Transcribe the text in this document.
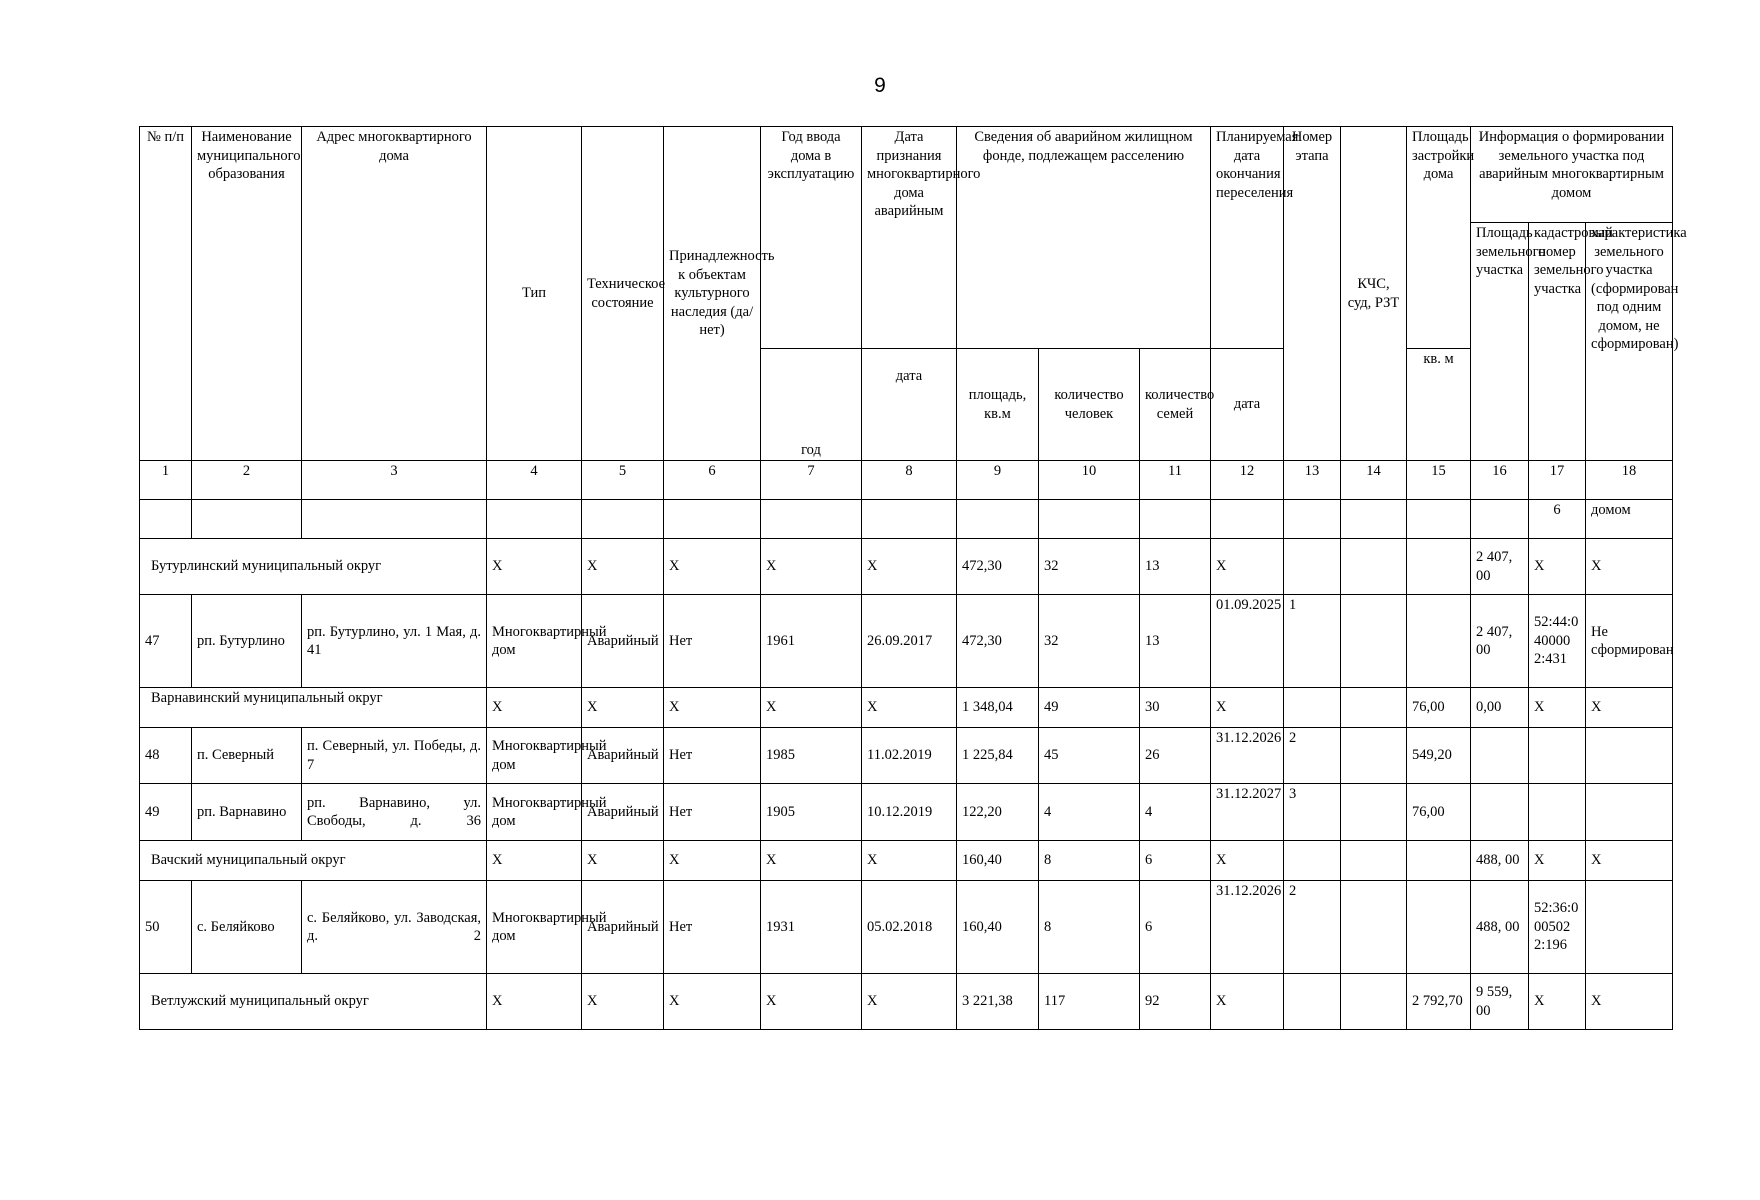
9
№ п/п	Наименование муниципального образования	Адрес многоквартирного дома	Тип	Техническое состояние	Принадлежность к объектам культурного наследия (да/нет)	Год ввода дома в эксплуатацию	Дата признания многоквартирного дома аварийным	Сведения об аварийном жилищном фонде, подлежащем расселению			Планируемая дата окончания переселения	Номер этапа	КЧС, суд, РЗТ	Площадь застройки дома	Информация о формировании земельного участка под аварийным многоквартирным домом			
															Площадь земельного участка	кадастровый номер земельного участка	характеристика земельного участка (сформирован под одним домом, не сформирован)	
						год	дата	площадь, кв.м	количество человек	количество семей	дата			кв. м	
1	2	3	4	5	6	7	8	9	10	11	12	13	14	15	16	17	18	
																6	домом	
Бутурлинский муниципальный округ			X	X	X	X	X	472,30	32	13	X				2 407, 00	X	X	
47	рп. Бутурлино	рп. Бутурлино, ул. 1 Мая, д. 41	Многоквартирный дом	Аварийный	Нет	1961	26.09.2017	472,30	32	13	01.09.2025	1			2 407, 00	52:44:0400002:431	Не сформирован	
Варнавинский муниципальный округ			X	X	X	X	X	1 348,04	49	30	X			76,00	0,00	X	X	
48	п. Северный	п. Северный, ул. Победы, д. 7	Многоквартирный дом	Аварийный	Нет	1985	11.02.2019	1 225,84	45	26	31.12.2026	2		549,20				
49	рп. Варнавино	рп. Варнавино, ул. Свободы, д. 36	Многоквартирный дом	Аварийный	Нет	1905	10.12.2019	122,20	4	4	31.12.2027	3		76,00				
Вачский муниципальный округ			X	X	X	X	X	160,40	8	6	X				488, 00	X	X	
50	с. Беляйково	с. Беляйково, ул. Заводская, д. 2	Многоквартирный дом	Аварийный	Нет	1931	05.02.2018	160,40	8	6	31.12.2026	2			488, 00	52:36:0005022:196		
Ветлужский муниципальный округ			X	X	X	X	X	3 221,38	117	92	X			2 792,70	9 559, 00	X	X	
